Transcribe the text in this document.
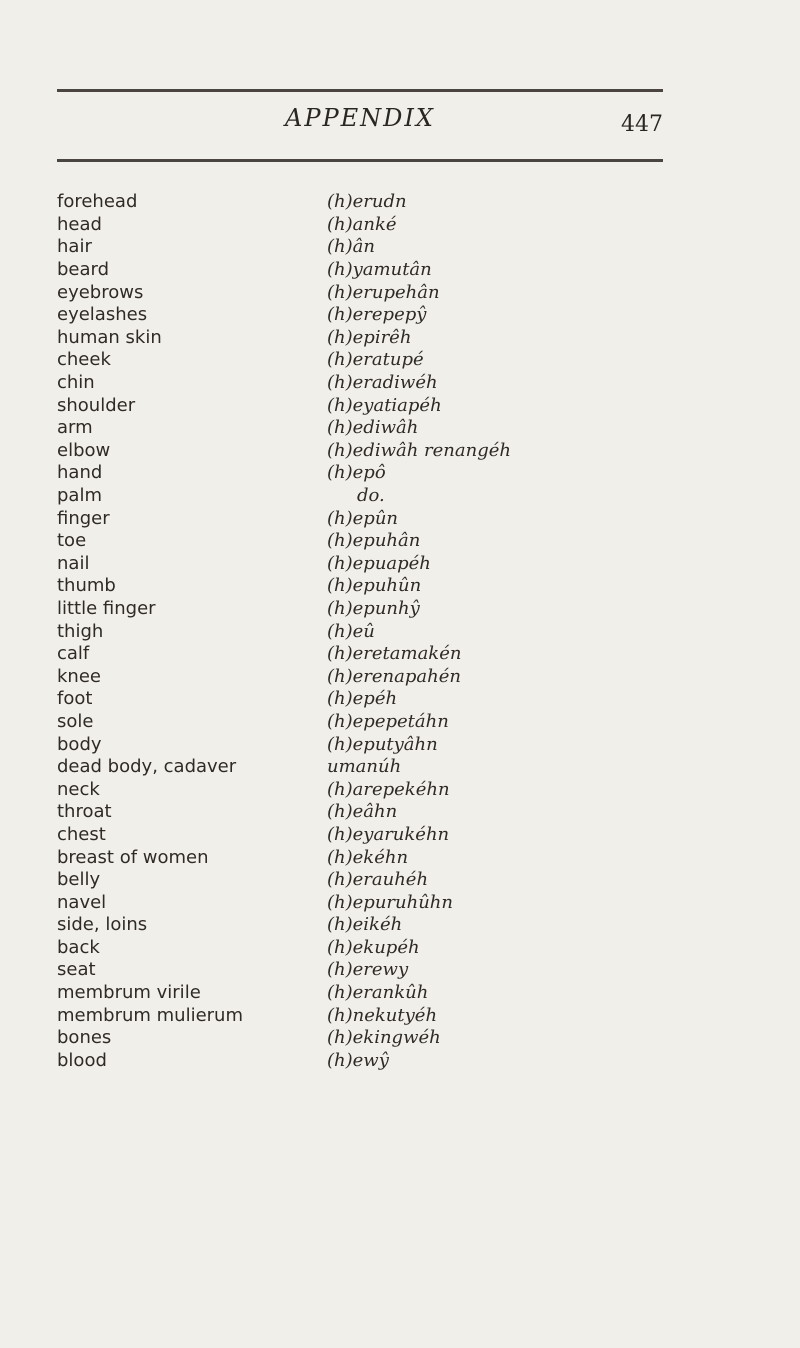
APPENDIX	447
forehead	(h)erudn
head	(h)anké
hair	(h)ân
beard	(h)yamutân
eyebrows	(h)erupehân
eyelashes	(h)erepepŷ
human skin	(h)epirêh
cheek	(h)eratupé
chin	(h)eradiwéh
shoulder	(h)eyatiapéh
arm	(h)ediwâh
elbow	(h)ediwâh renangéh
hand	(h)epô
palm	do.
finger	(h)epûn
toe	(h)epuhân
nail	(h)epuapéh
thumb	(h)epuhûn
little finger	(h)epunhŷ
thigh	(h)eû
calf	(h)eretamakén
knee	(h)erenapahén
foot	(h)epéh
sole	(h)epepetáhn
body	(h)eputyâhn
dead body, cadaver	umanúh
neck	(h)arepekéhn
throat	(h)eâhn
chest	(h)eyarukéhn
breast of women	(h)ekéhn
belly	(h)erauhéh
navel	(h)epuruhûhn
side, loins	(h)eikéh
back	(h)ekupéh
seat	(h)erewy
membrum virile	(h)erankûh
membrum mulierum	(h)nekutyéh
bones	(h)ekingwéh
blood	(h)ewŷ
